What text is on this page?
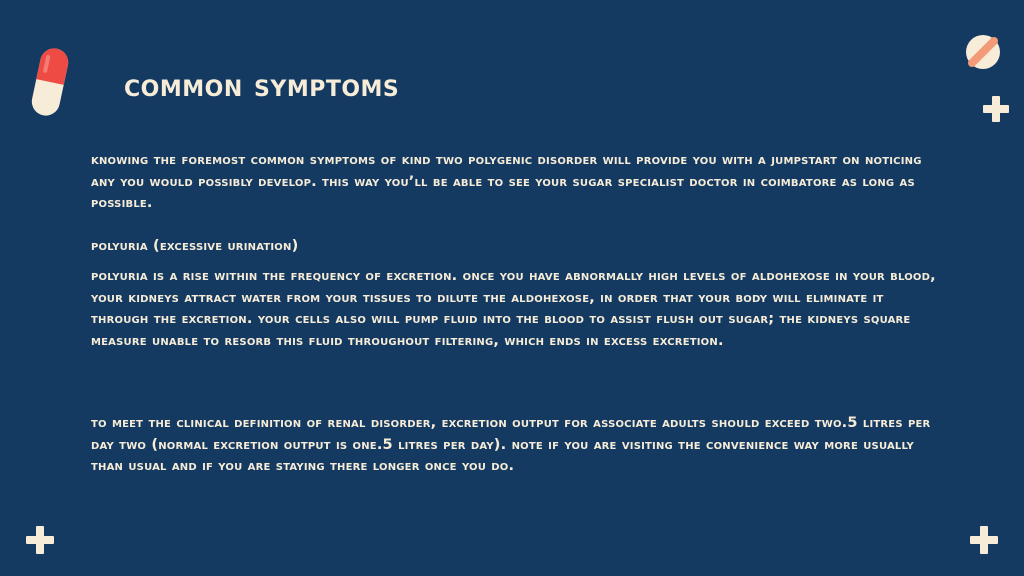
common symptoms

knowing the foremost common symptoms of kind two polygenic disorder will provide you with a jumpstart on noticing any you would possibly develop. this way you’ll be able to see your sugar specialist doctor in coimbatore as long as possible.

polyuria (excessive urination)

polyuria is a rise within the frequency of excretion. once you have abnormally high levels of aldohexose in your blood, your kidneys attract water from your tissues to dilute the aldohexose, in order that your body will eliminate it through the excretion. your cells also will pump fluid into the blood to assist flush out sugar; the kidneys square measure unable to resorb this fluid throughout filtering, which ends in excess excretion.

to meet the clinical definition of renal disorder, excretion output for associate adults should exceed two.5 litres per day two (normal excretion output is one.5 litres per day). note if you are visiting the convenience way more usually than usual and if you are staying there longer once you do.
